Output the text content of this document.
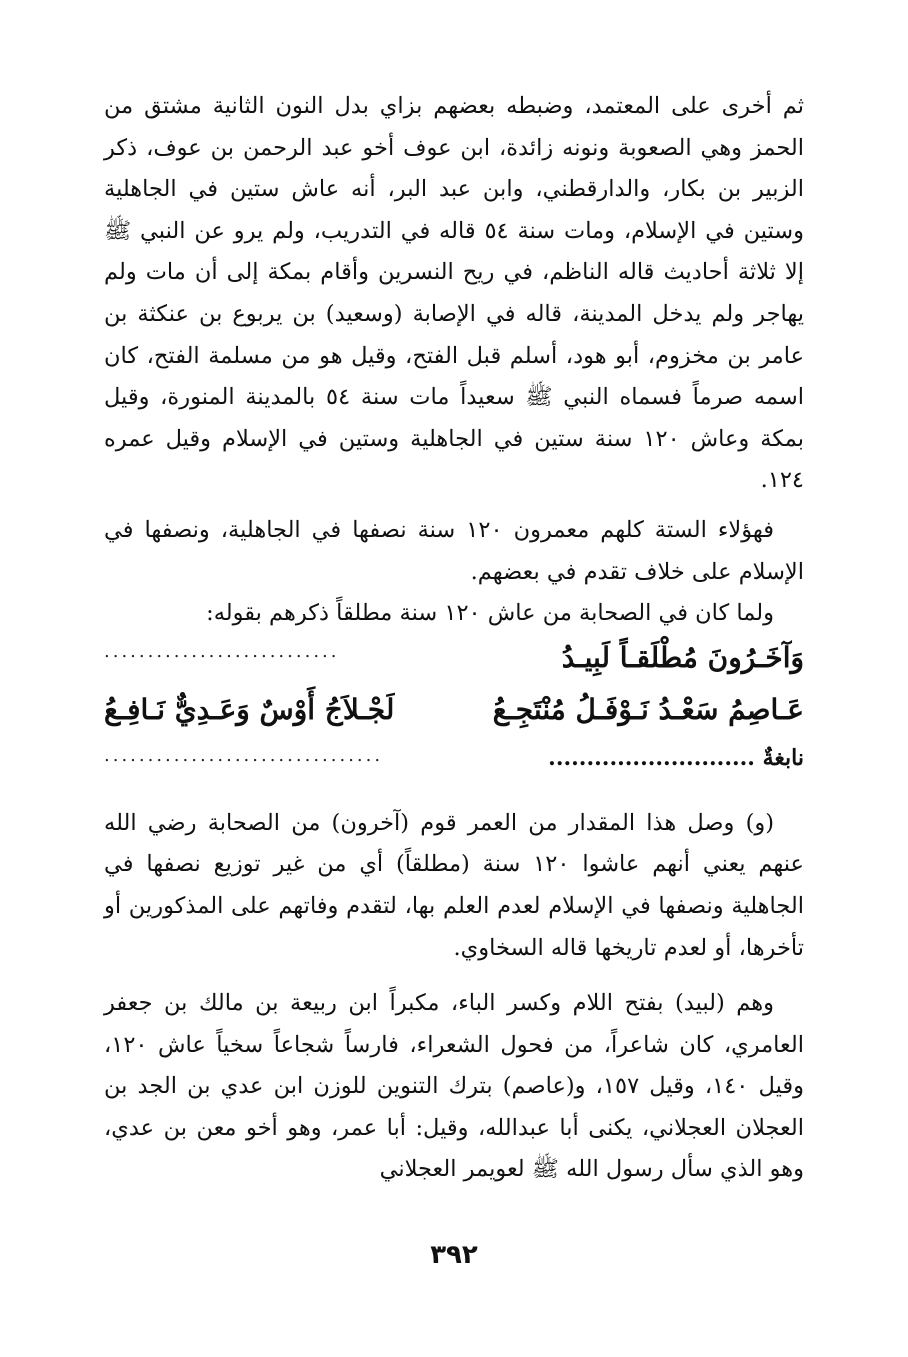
ثم أخرى على المعتمد، وضبطه بعضهم بزاي بدل النون الثانية مشتق من الحمز وهي الصعوبة ونونه زائدة، ابن عوف أخو عبد الرحمن بن عوف، ذكر الزبير بن بكار، والدارقطني، وابن عبد البر، أنه عاش ستين في الجاهلية وستين في الإسلام، ومات سنة ٥٤ قاله في التدريب، ولم يرو عن النبي ﷺ إلا ثلاثة أحاديث قاله الناظم، في ريح النسرين وأقام بمكة إلى أن مات ولم يهاجر ولم يدخل المدينة، قاله في الإصابة (وسعيد) بن يربوع بن عنكثة بن عامر بن مخزوم، أبو هود، أسلم قبل الفتح، وقيل هو من مسلمة الفتح، كان اسمه صرماً فسماه النبي ﷺ سعيداً مات سنة ٥٤ بالمدينة المنورة، وقيل بمكة وعاش ١٢٠ سنة ستين في الجاهلية وستين في الإسلام وقيل عمره ١٢٤.

فهؤلاء الستة كلهم معمرون ١٢٠ سنة نصفها في الجاهلية، ونصفها في الإسلام على خلاف تقدم في بعضهم.

ولما كان في الصحابة من عاش ١٢٠ سنة مطلقاً ذكرهم بقوله:

وَآخَـرُونَ مُطْلَقـاً لَبِيـدُ
...........................
عَـاصِمُ سَعْـدُ نَـوْفَـلُ مُنْتَجِـعُ
لَجْـلاَجُ أَوْسٌ وَعَـدِيٌّ نَـافِـعُ
نابغةٌ ...........................
................................

(و) وصل هذا المقدار من العمر قوم (آخرون) من الصحابة رضي الله عنهم يعني أنهم عاشوا ١٢٠ سنة (مطلقاً) أي من غير توزيع نصفها في الجاهلية ونصفها في الإسلام لعدم العلم بها، لتقدم وفاتهم على المذكورين أو تأخرها، أو لعدم تاريخها قاله السخاوي.

وهم (لبيد) بفتح اللام وكسر الباء، مكبراً ابن ربيعة بن مالك بن جعفر العامري، كان شاعراً، من فحول الشعراء، فارساً شجاعاً سخياً عاش ١٢٠، وقيل ١٤٠، وقيل ١٥٧، و(عاصم) بترك التنوين للوزن ابن عدي بن الجد بن العجلان العجلاني، يكنى أبا عبدالله، وقيل: أبا عمر، وهو أخو معن بن عدي، وهو الذي سأل رسول الله ﷺ لعويمر العجلاني

٣٩٢
